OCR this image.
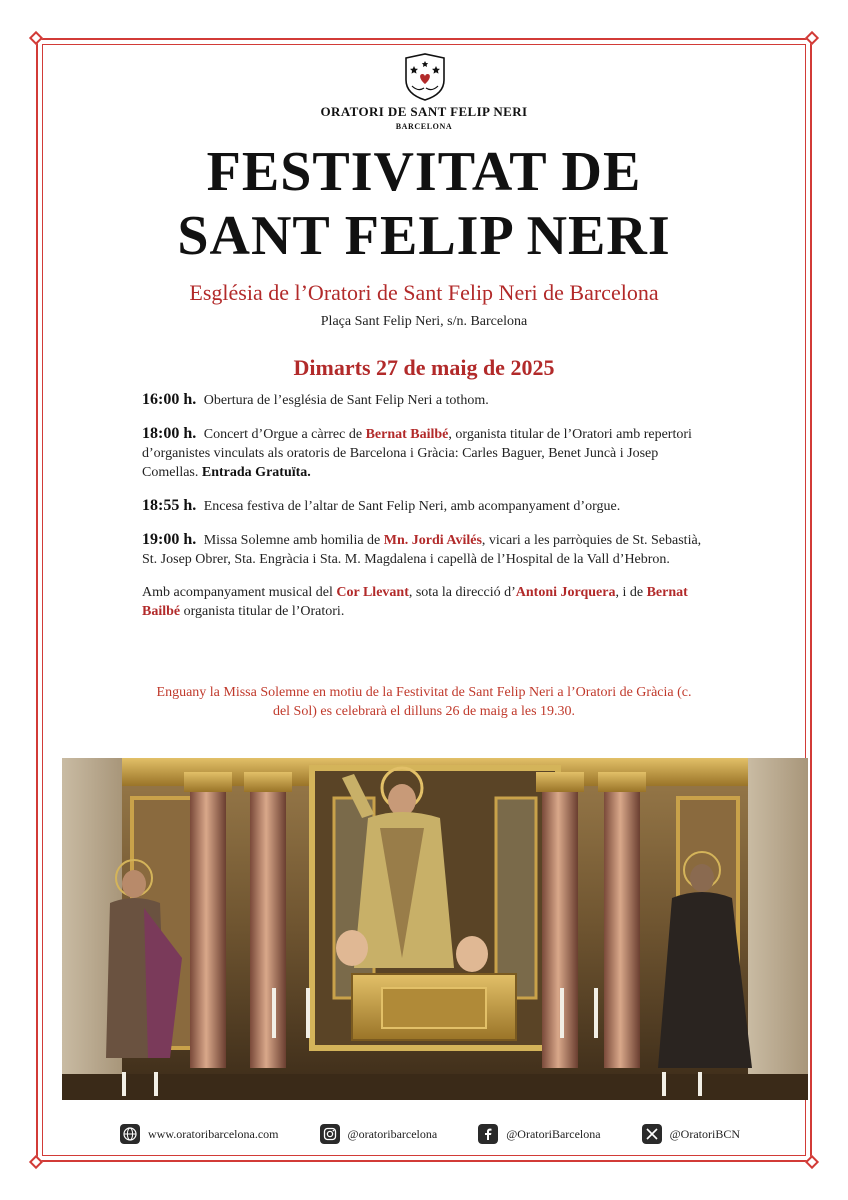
ORATORI DE SANT FELIP NERI
BARCELONA
FESTIVITAT DE
SANT FELIP NERI
Església de l’Oratori de Sant Felip Neri de Barcelona
Plaça Sant Felip Neri, s/n. Barcelona
Dimarts 27 de maig de 2025

16:00 h. Obertura de l’església de Sant Felip Neri a tothom.

18:00 h. Concert d’Orgue a càrrec de Bernat Bailbé, organista titular de l’Oratori amb repertori d’organistes vinculats als oratoris de Barcelona i Gràcia: Carles Baguer, Benet Juncà i Josep Comellas. Entrada Gratuïta.

18:55 h. Encesa festiva de l’altar de Sant Felip Neri, amb acompanyament d’orgue.

19:00 h. Missa Solemne amb homilia de Mn. Jordi Avilés, vicari a les parròquies de St. Sebastià, St. Josep Obrer, Sta. Engràcia i Sta. M. Magdalena i capellà de l’Hospital de la Vall d’Hebron.

Amb acompanyament musical del Cor Llevant, sota la direcció d’Antoni Jorquera, i de Bernat Bailbé organista titular de l’Oratori.

Enguany la Missa Solemne en motiu de la Festivitat de Sant Felip Neri a l’Oratori de Gràcia (c. del Sol) es celebrarà el dilluns 26 de maig a les 19.30.
www.oratoribarcelona.com	@oratoribarcelona	@OratoriBarcelona	@OratoriBCN
